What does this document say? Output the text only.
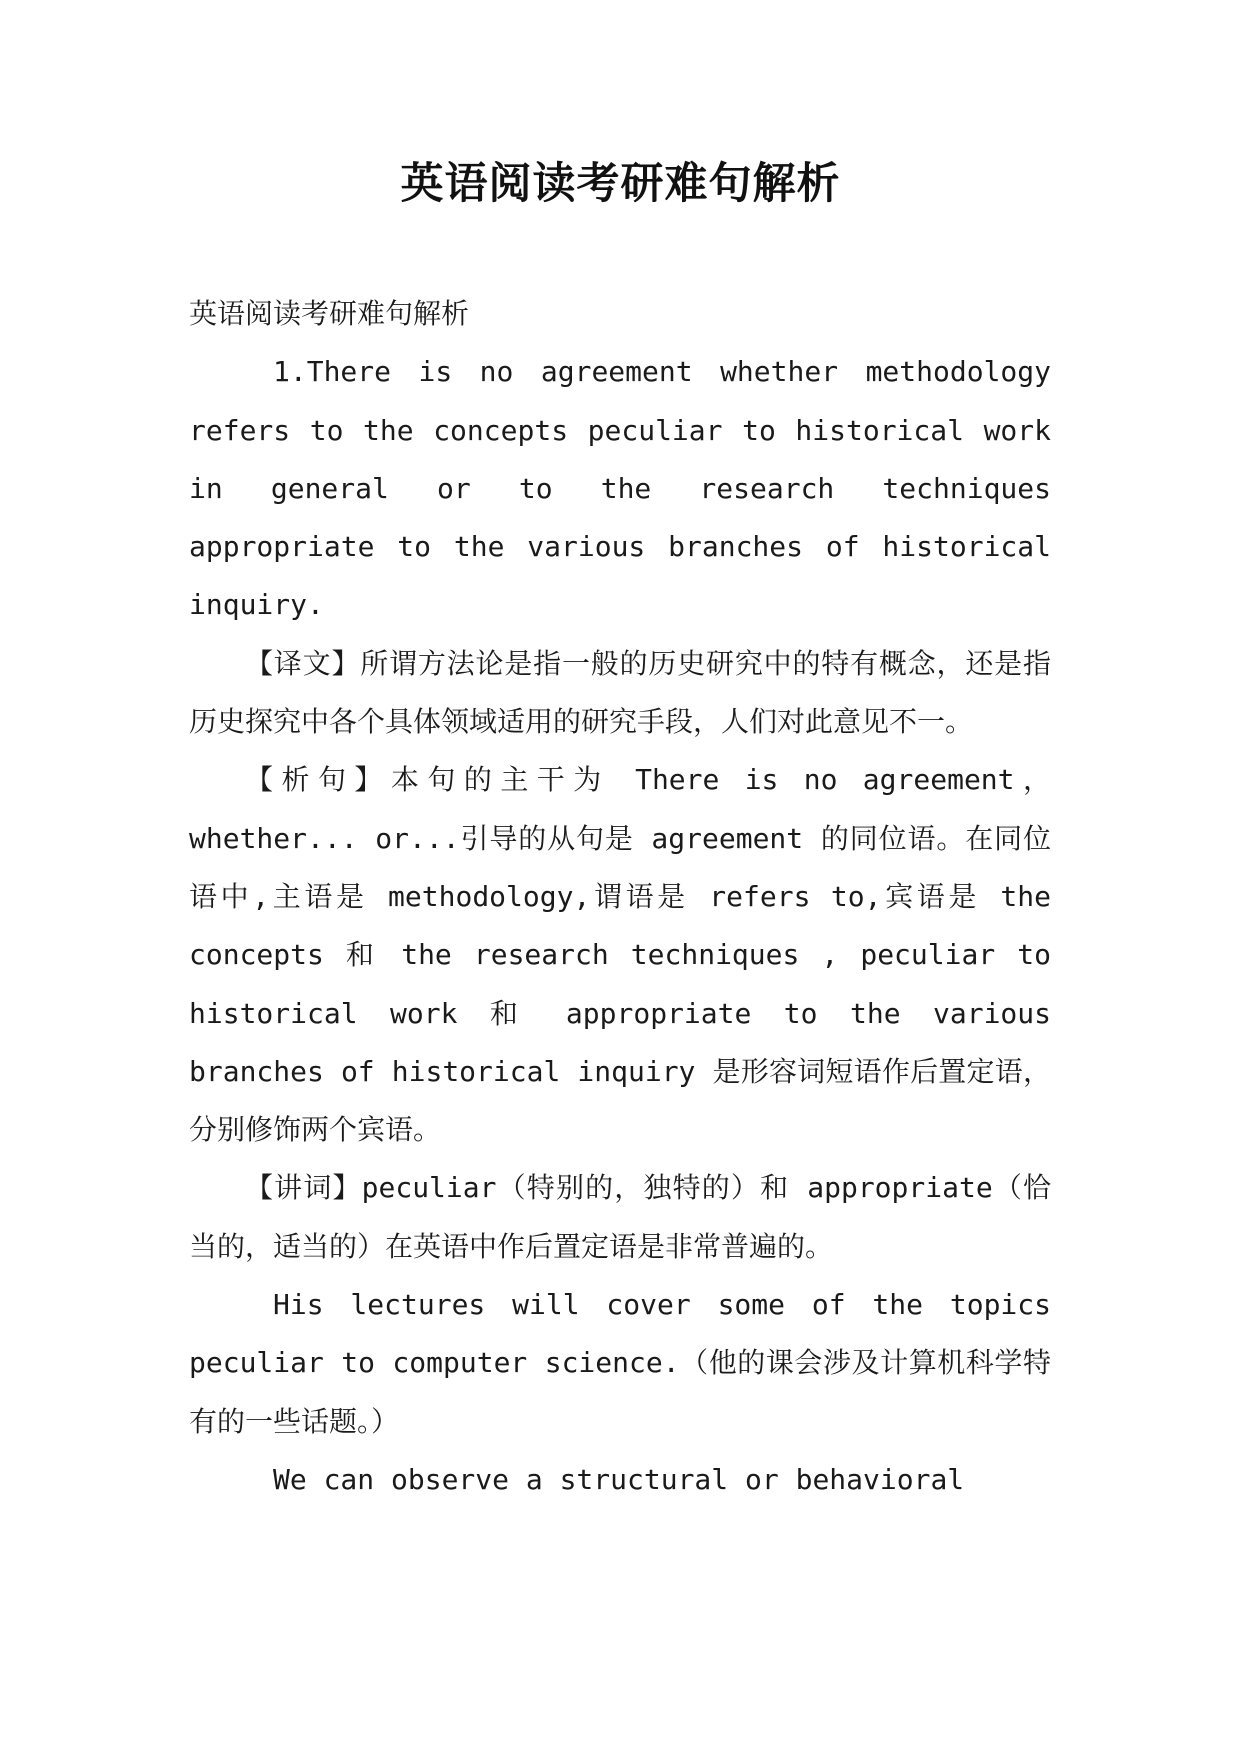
英语阅读考研难句解析

英语阅读考研难句解析

1.There is no agreement whether methodology refers to the concepts peculiar to historical work in general or to the research techniques appropriate to the various branches of historical inquiry.

【译文】所谓方法论是指一般的历史研究中的特有概念，还是指历史探究中各个具体领域适用的研究手段，人们对此意见不一。

【析句】本句的主干为 There is no agreement，whether... or...引导的从句是 agreement 的同位语。在同位语中,主语是 methodology,谓语是 refers to,宾语是 the concepts 和 the research techniques , peculiar to historical work 和 appropriate to the various branches of historical inquiry 是形容词短语作后置定语，分别修饰两个宾语。

【讲词】peculiar（特别的，独特的）和 appropriate（恰当的，适当的）在英语中作后置定语是非常普遍的。

His lectures will cover some of the topics peculiar to computer science.（他的课会涉及计算机科学特有的一些话题。）

We can observe a structural or behavioral
